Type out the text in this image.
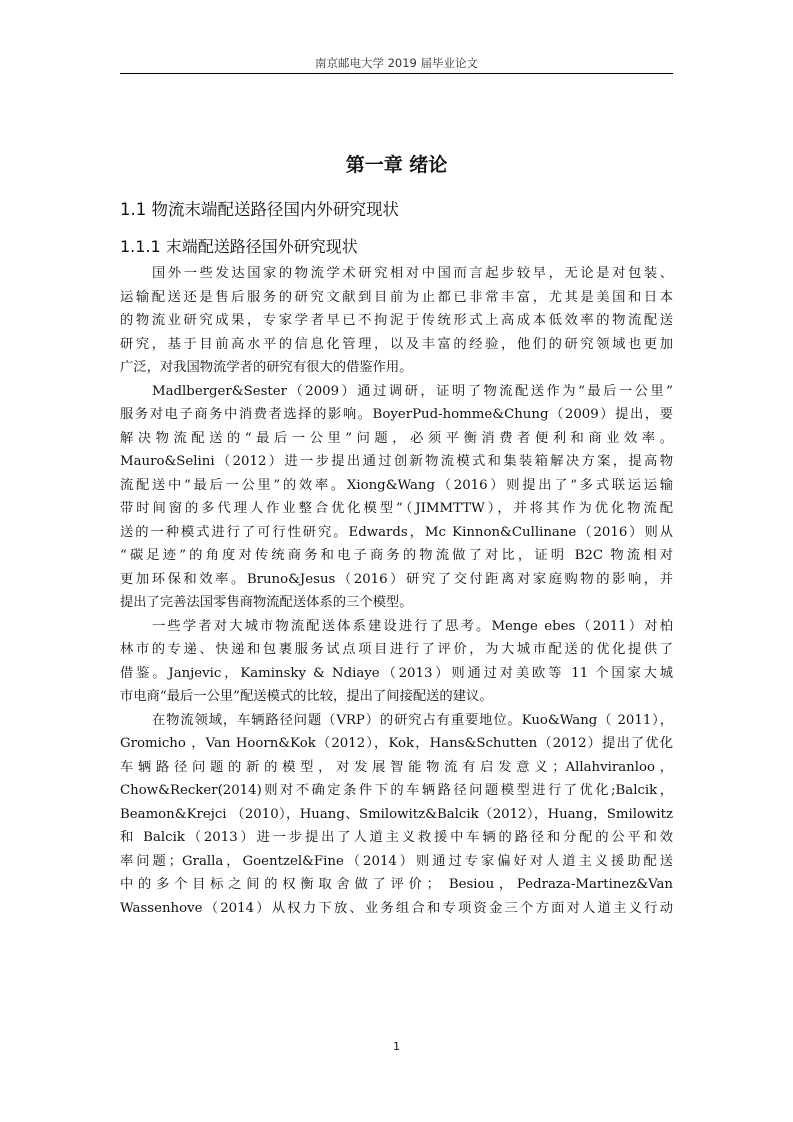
南京邮电大学 2019 届毕业论文
第一章 绪论
1.1 物流末端配送路径国内外研究现状
1.1.1 末端配送路径国外研究现状
国外一些发达国家的物流学术研究相对中国而言起步较早，无论是对包装、
运输配送还是售后服务的研究文献到目前为止都已非常丰富，尤其是美国和日本
的物流业研究成果，专家学者早已不拘泥于传统形式上高成本低效率的物流配送
研究，基于目前高水平的信息化管理，以及丰富的经验，他们的研究领域也更加
广泛，对我国物流学者的研究有很大的借鉴作用。
Madlberger&Sester（2009）通过调研，证明了物流配送作为“最后一公里”
服务对电子商务中消费者选择的影响。BoyerPud-homme&Chung（2009）提出，要
解决物流配送的“最后一公里”问题，必须平衡消费者便利和商业效率。
Mauro&Selini（2012）进一步提出通过创新物流模式和集装箱解决方案，提高物
流配送中“最后一公里”的效率。Xiong&Wang（2016）则提出了“多式联运运输
带时间窗的多代理人作业整合优化模型”（JIMMTTW），并将其作为优化物流配
送的一种模式进行了可行性研究。Edwards，Mc Kinnon&Cullinane（2016）则从
“碳足迹”的角度对传统商务和电子商务的物流做了对比，证明 B2C 物流相对
更加环保和效率。Bruno&Jesus（2016）研究了交付距离对家庭购物的影响，并
提出了完善法国零售商物流配送体系的三个模型。
一些学者对大城市物流配送体系建设进行了思考。Menge ebes（2011）对柏
林市的专递、快递和包裹服务试点项目进行了评价，为大城市配送的优化提供了
借鉴。Janjevic，Kaminsky & Ndiaye（2013）则通过对美欧等 11 个国家大城
市电商“最后一公里”配送模式的比较，提出了间接配送的建议。
在物流领域，车辆路径问题（VRP）的研究占有重要地位。Kuo&Wang（ 2011），
Gromicho ，Van Hoorn&Kok（2012），Kok，Hans&Schutten（2012）提出了优化
车辆路径问题的新的模型，对发展智能物流有启发意义；Allahviranloo，
Chow&Recker(2014)则对不确定条件下的车辆路径问题模型进行了优化;Balcik，
Beamon&Krejci （2010），Huang、Smilowitz&Balcik（2012），Huang，Smilowitz
和 Balcik（2013）进一步提出了人道主义救援中车辆的路径和分配的公平和效
率问题；Gralla，Goentzel&Fine（2014）则通过专家偏好对人道主义援助配送
中的多个目标之间的权衡取舍做了评价； Besiou，Pedraza-Martinez&Van
Wassenhove（2014）从权力下放、业务组合和专项资金三个方面对人道主义行动
1
